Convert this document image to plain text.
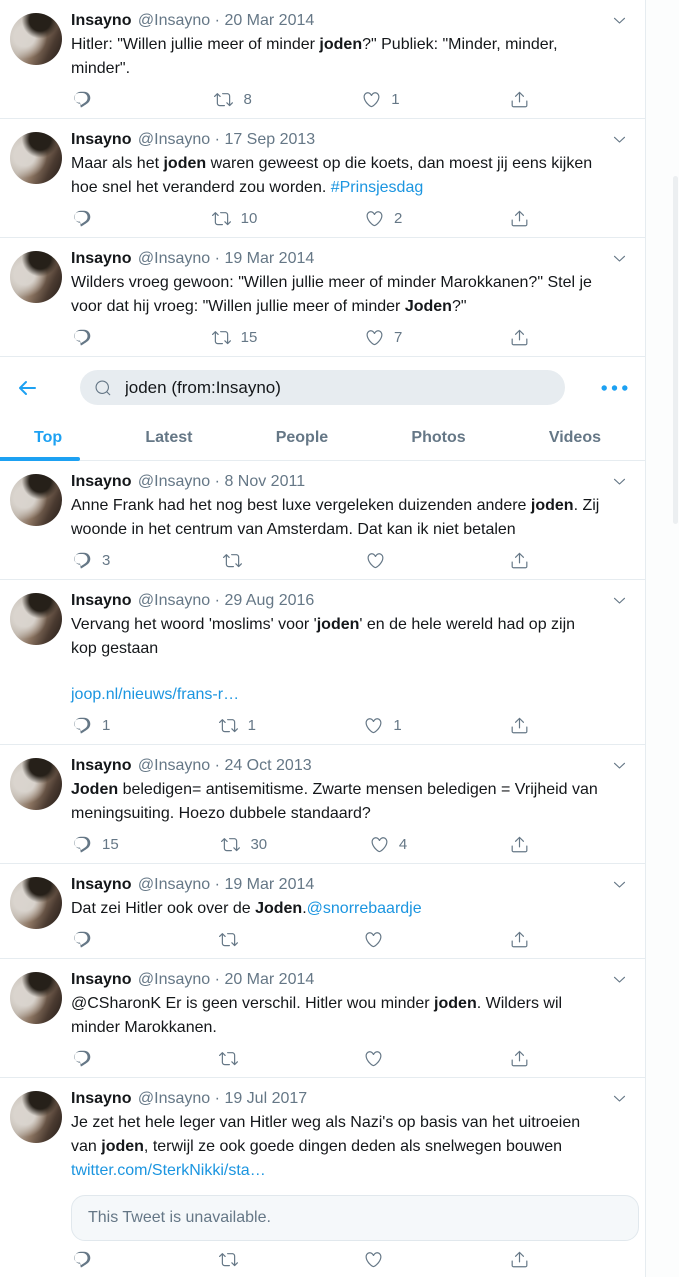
Insayno @Insayno · 20 Mar 2014
Hitler: "Willen jullie meer of minder joden?" Publiek: "Minder, minder, minder".
8	1
Insayno @Insayno · 17 Sep 2013
Maar als het joden waren geweest op die koets, dan moest jij eens kijken hoe snel het veranderd zou worden. #Prinsjesdag
10	2
Insayno @Insayno · 19 Mar 2014
Wilders vroeg gewoon: "Willen jullie meer of minder Marokkanen?" Stel je voor dat hij vroeg: "Willen jullie meer of minder Joden?"
15	7
joden (from:Insayno)
Top	Latest	People	Photos	Videos
Insayno @Insayno · 8 Nov 2011
Anne Frank had het nog best luxe vergeleken duizenden andere joden. Zij woonde in het centrum van Amsterdam. Dat kan ik niet betalen
3
Insayno @Insayno · 29 Aug 2016
Vervang het woord 'moslims' voor 'joden' en de hele wereld had op zijn kop gestaan
joop.nl/nieuws/frans-r…
1	1	1
Insayno @Insayno · 24 Oct 2013
Joden beledigen= antisemitisme. Zwarte mensen beledigen = Vrijheid van meningsuiting. Hoezo dubbele standaard?
15	30	4
Insayno @Insayno · 19 Mar 2014
Dat zei Hitler ook over de Joden.@snorrebaardje
Insayno @Insayno · 20 Mar 2014
@CSharonK Er is geen verschil. Hitler wou minder joden. Wilders wil minder Marokkanen.
Insayno @Insayno · 19 Jul 2017
Je zet het hele leger van Hitler weg als Nazi's op basis van het uitroeien van joden, terwijl ze ook goede dingen deden als snelwegen bouwen
twitter.com/SterkNikki/sta…
This Tweet is unavailable.
